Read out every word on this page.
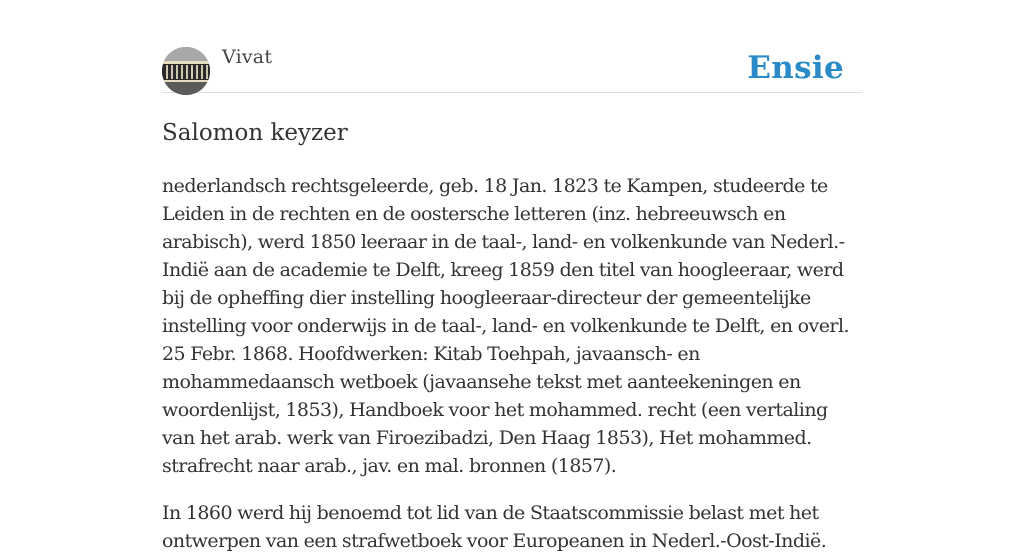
Vivat	Ensie
Salomon keyzer

nederlandsch rechtsgeleerde, geb. 18 Jan. 1823 te Kampen, studeerde te Leiden in de rechten en de oostersche letteren (inz. hebreeuwsch en arabisch), werd 1850 leeraar in de taal-, land- en volkenkunde van Nederl.-Indië aan de academie te Delft, kreeg 1859 den titel van hoogleeraar, werd bij de opheffing dier instelling hoogleeraar-directeur der gemeentelijke instelling voor onderwijs in de taal-, land- en volkenkunde te Delft, en overl. 25 Febr. 1868. Hoofdwerken: Kitab Toehpah, javaansch- en mohammedaansch wetboek (javaansehe tekst met aanteekeningen en woordenlijst, 1853), Handboek voor het mohammed. recht (een vertaling van het arab. werk van Firoezibadzi, Den Haag 1853), Het mohammed. strafrecht naar arab., jav. en mal. bronnen (1857).

In 1860 werd hij benoemd tot lid van de Staatscommissie belast met het ontwerpen van een strafwetboek voor Europeanen in Nederl.-Oost-Indië.
